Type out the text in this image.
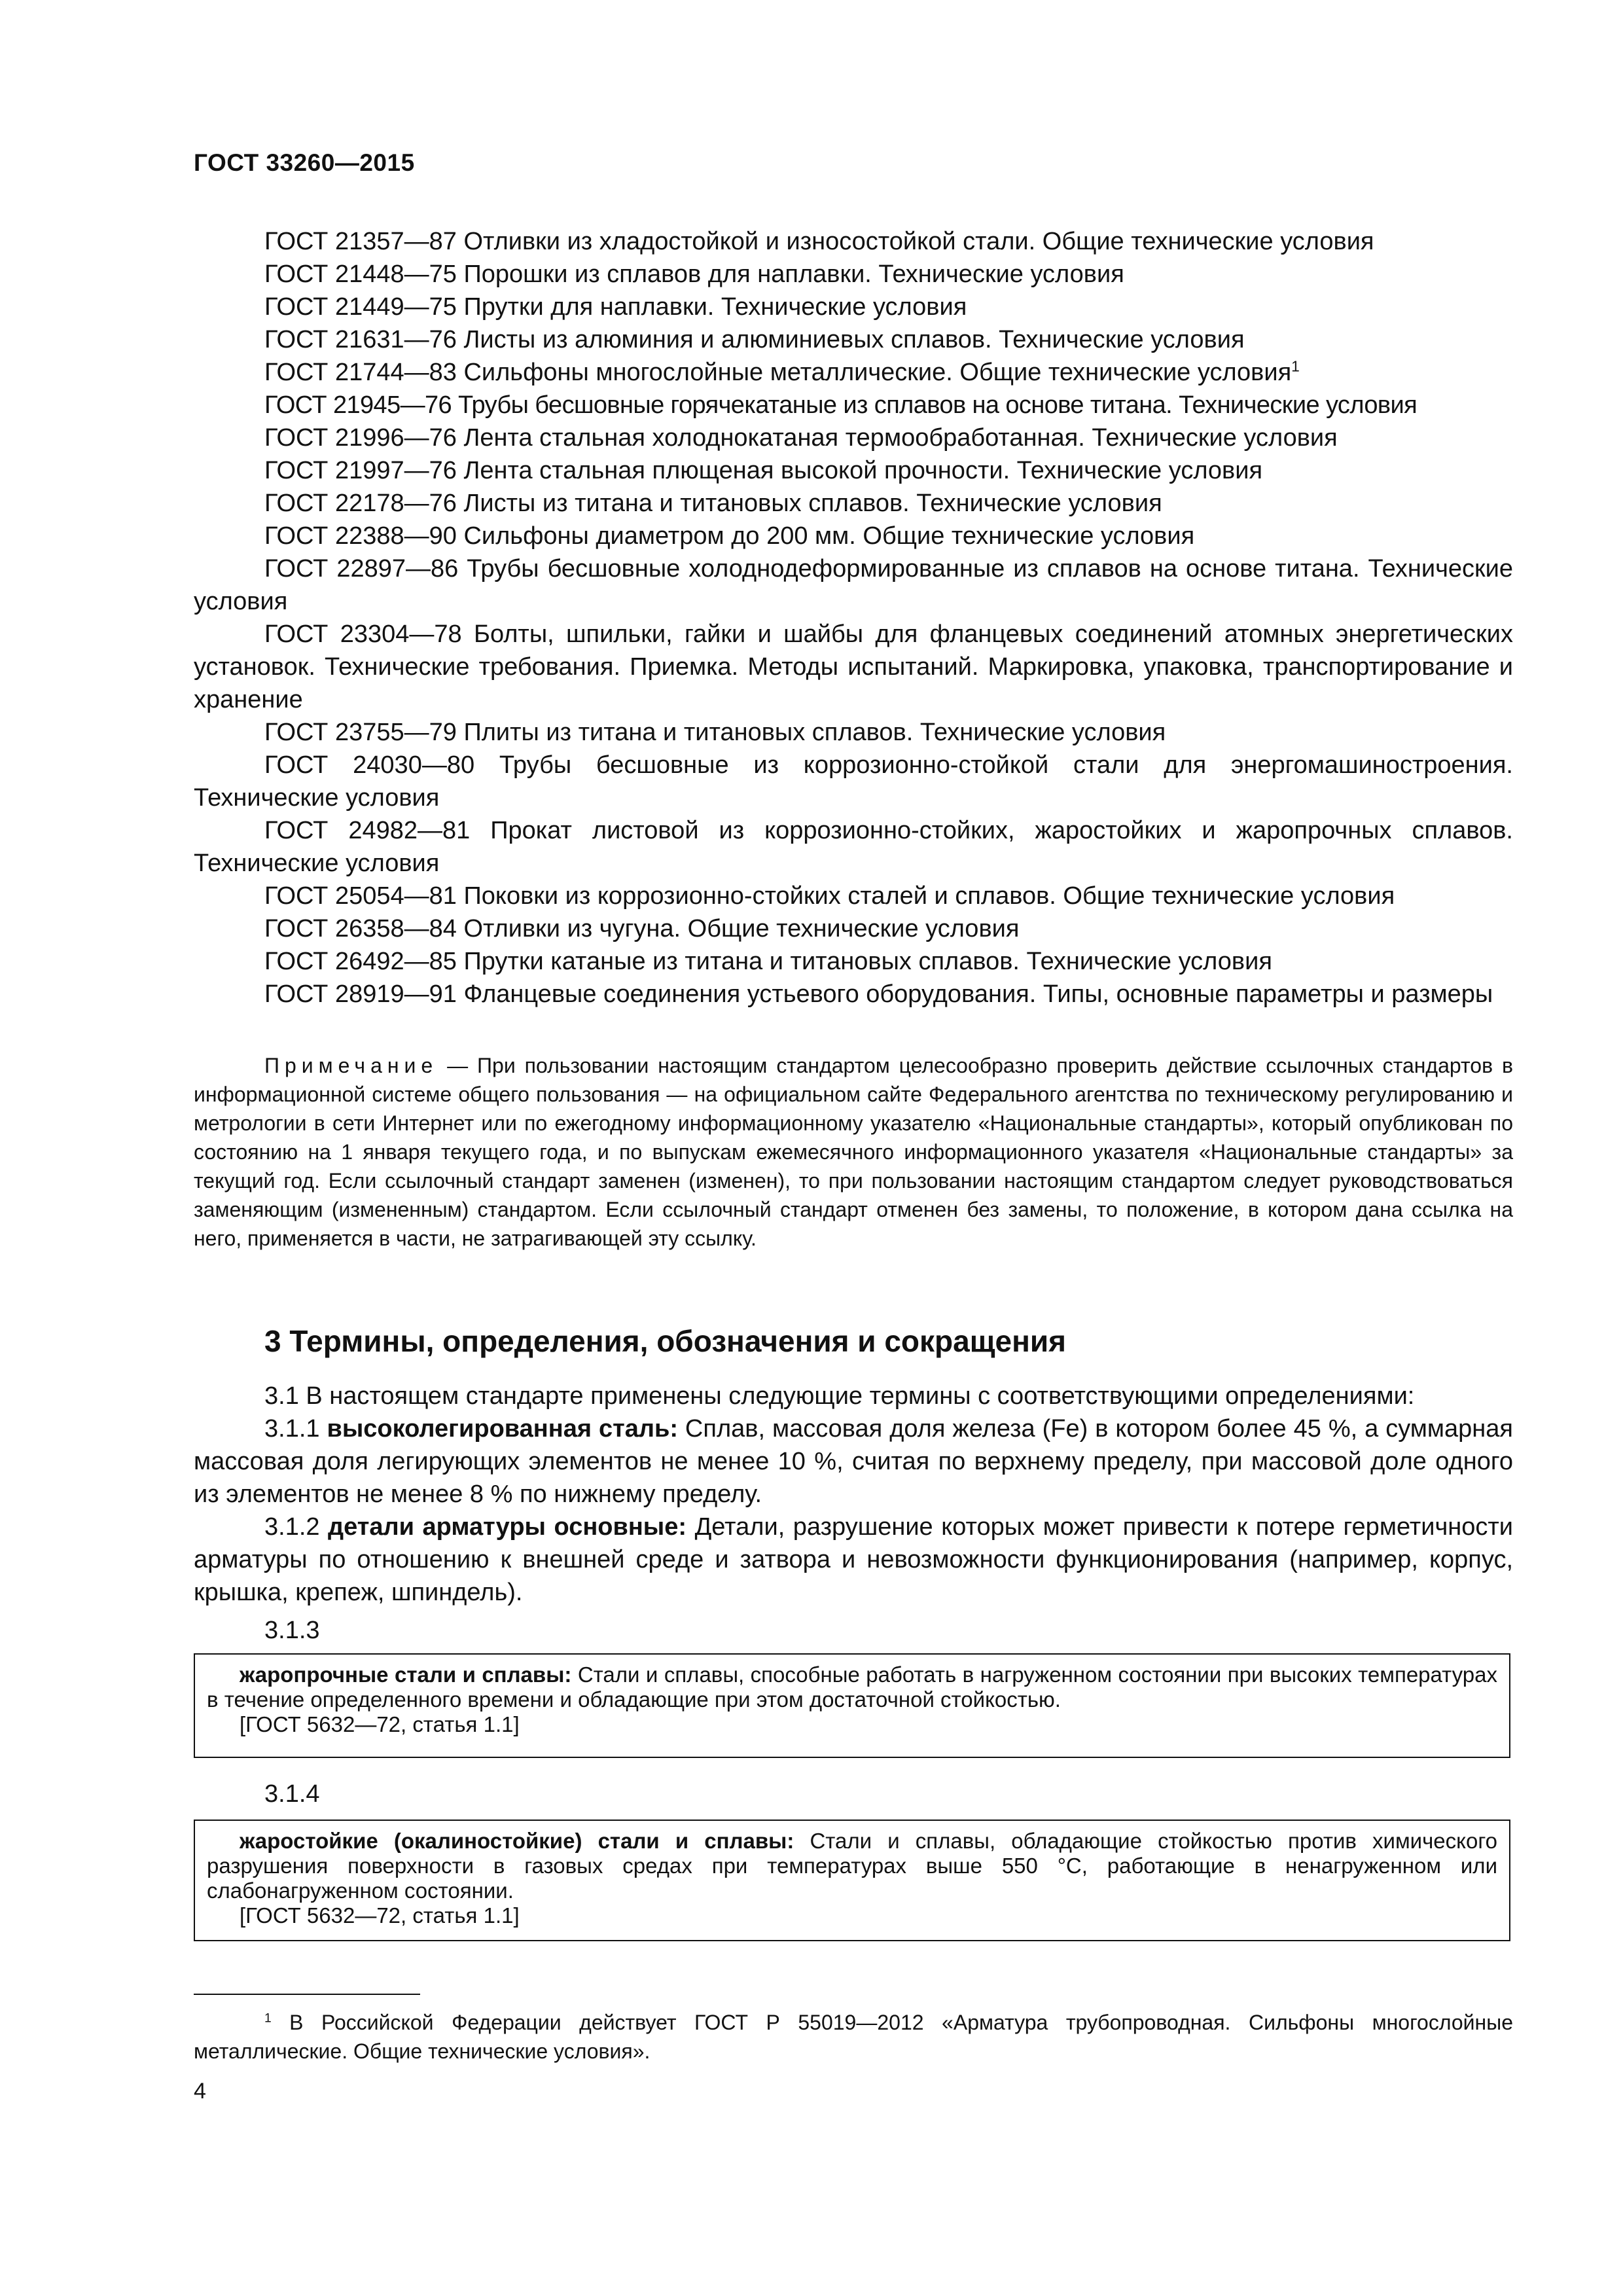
ГОСТ 33260—2015

ГОСТ 21357—87 Отливки из хладостойкой и износостойкой стали. Общие технические условия

ГОСТ 21448—75 Порошки из сплавов для наплавки. Технические условия

ГОСТ 21449—75 Прутки для наплавки. Технические условия

ГОСТ 21631—76 Листы из алюминия и алюминиевых сплавов. Технические условия

ГОСТ 21744—83 Сильфоны многослойные металлические. Общие технические условия$^1$

ГОСТ 21945—76 Трубы бесшовные горячекатаные из сплавов на основе титана. Технические условия

ГОСТ 21996—76 Лента стальная холоднокатаная термообработанная. Технические условия

ГОСТ 21997—76 Лента стальная плющеная высокой прочности. Технические условия

ГОСТ 22178—76 Листы из титана и титановых сплавов. Технические условия

ГОСТ 22388—90 Сильфоны диаметром до 200 мм. Общие технические условия

ГОСТ 22897—86 Трубы бесшовные холоднодеформированные из сплавов на основе титана. Технические условия

ГОСТ 23304—78 Болты, шпильки, гайки и шайбы для фланцевых соединений атомных энергетических установок. Технические требования. Приемка. Методы испытаний. Маркировка, упаковка, транспортирование и хранение

ГОСТ 23755—79 Плиты из титана и титановых сплавов. Технические условия

ГОСТ 24030—80 Трубы бесшовные из коррозионно-стойкой стали для энергомашиностроения. Технические условия

ГОСТ 24982—81 Прокат листовой из коррозионно-стойких, жаростойких и жаропрочных сплавов. Технические условия

ГОСТ 25054—81 Поковки из коррозионно-стойких сталей и сплавов. Общие технические условия

ГОСТ 26358—84 Отливки из чугуна. Общие технические условия

ГОСТ 26492—85 Прутки катаные из титана и титановых сплавов. Технические условия

ГОСТ 28919—91 Фланцевые соединения устьевого оборудования. Типы, основные параметры и размеры

Примечание — При пользовании настоящим стандартом целесообразно проверить действие ссылочных стандартов в информационной системе общего пользования — на официальном сайте Федерального агентства по техническому регулированию и метрологии в сети Интернет или по ежегодному информационному указателю «Национальные стандарты», который опубликован по состоянию на 1 января текущего года, и по выпускам ежемесячного информационного указателя «Национальные стандарты» за текущий год. Если ссылочный стандарт заменен (изменен), то при пользовании настоящим стандартом следует руководствоваться заменяющим (измененным) стандартом. Если ссылочный стандарт отменен без замены, то положение, в котором дана ссылка на него, применяется в части, не затрагивающей эту ссылку.

3 Термины, определения, обозначения и сокращения

3.1 В настоящем стандарте применены следующие термины с соответствующими определениями:

3.1.1 высоколегированная сталь: Сплав, массовая доля железа (Fe) в котором более 45 %, а суммарная массовая доля легирующих элементов не менее 10 %, считая по верхнему пределу, при массовой доле одного из элементов не менее 8 % по нижнему пределу.

3.1.2 детали арматуры основные: Детали, разрушение которых может привести к потере герметичности арматуры по отношению к внешней среде и затвора и невозможности функционирования (например, корпус, крышка, крепеж, шпиндель).

3.1.3

жаропрочные стали и сплавы: Стали и сплавы, способные работать в нагруженном состоянии при высоких температурах в течение определенного времени и обладающие при этом достаточной стойкостью.

[ГОСТ 5632—72, статья 1.1]

3.1.4

жаростойкие (окалиностойкие) стали и сплавы: Стали и сплавы, обладающие стойкостью против химического разрушения поверхности в газовых средах при температурах выше 550 °С, работающие в ненагруженном или слабонагруженном состоянии.

[ГОСТ 5632—72, статья 1.1]

$^1$ В Российской Федерации действует ГОСТ Р 55019—2012 «Арматура трубопроводная. Сильфоны многослойные металлические. Общие технические условия».

4
